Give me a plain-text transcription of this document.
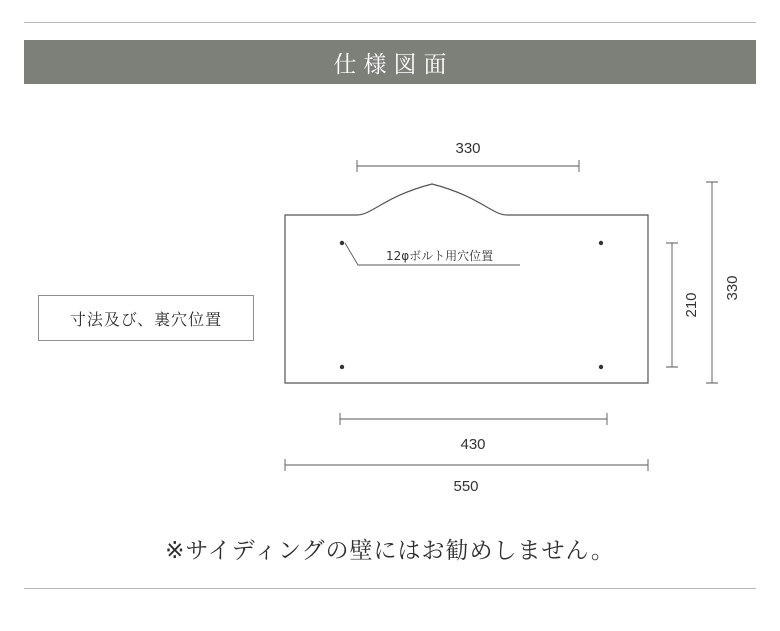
仕様図面
12φボルト用穴位置
330
430
550
210
330
寸法及び、裏穴位置
※サイディングの壁にはお勧めしません。
